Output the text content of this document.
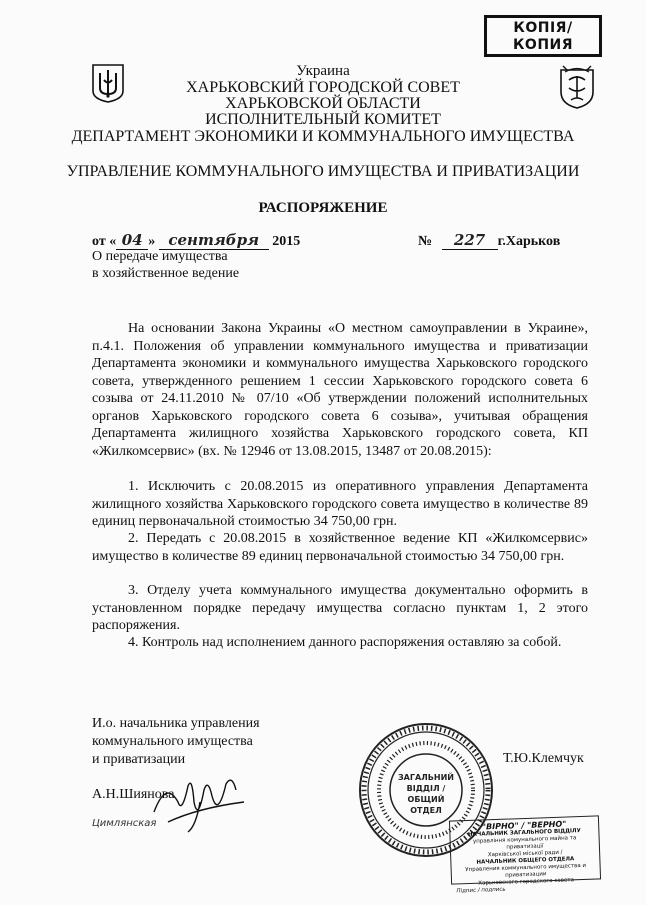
КОПІЯ/
КОПИЯ
Украина
ХАРЬКОВСКИЙ ГОРОДСКОЙ СОВЕТ
ХАРЬКОВСКОЙ ОБЛАСТИ
ИСПОЛНИТЕЛЬНЫЙ КОМИТЕТ
ДЕПАРТАМЕНТ ЭКОНОМИКИ И КОММУНАЛЬНОГО ИМУЩЕСТВА
УПРАВЛЕНИЕ КОММУНАЛЬНОГО ИМУЩЕСТВА И ПРИВАТИЗАЦИИ
РАСПОРЯЖЕНИЕ
от « 04 » сентября 2015	№ 227 г.Харьков
О передаче имущества
в хозяйственное ведение
На основании Закона Украины «О местном самоуправлении в Украине», п.4.1. Положения об управлении коммунального имущества и приватизации Департамента экономики и коммунального имущества Харьковского городского совета, утвержденного решением 1 сессии Харьковского городского совета 6 созыва от 24.11.2010 № 07/10 «Об утверждении положений исполнительных органов Харьковского городского совета 6 созыва», учитывая обращения Департамента жилищного хозяйства Харьковского городского совета, КП «Жилкомсервис» (вх. № 12946 от 13.08.2015, 13487 от 20.08.2015):
1. Исключить с 20.08.2015 из оперативного управления Департамента жилищного хозяйства Харьковского городского совета имущество в количестве 89 единиц первоначальной стоимостью 34 750,00 грн.
2. Передать с 20.08.2015 в хозяйственное ведение КП «Жилкомсервис» имущество в количестве 89 единиц первоначальной стоимостью 34 750,00 грн.
3. Отделу учета коммунального имущества документально оформить в установленном порядке передачу имущества согласно пунктам 1, 2 этого распоряжения.
4. Контроль над исполнением данного распоряжения оставляю за собой.
И.о. начальника управления
коммунального имущества
и приватизации	Т.Ю.Клемчук
А.Н.Шиянова
Цимлянская
ЗАГАЛЬНИЙ
ВІДДІЛ /
ОБЩИЙ ОТДЕЛ
"ВІРНО" / "ВЕРНО"
НАЧАЛЬНИК ЗАГАЛЬНОГО ВІДДІЛУ
управління комунального майна та приватизації
Харківської міської ради /
НАЧАЛЬНИК ОБЩЕГО ОТДЕЛА
Управления коммунального имущества и приватизации
Харьковского городского совета
Підпис / подпись
